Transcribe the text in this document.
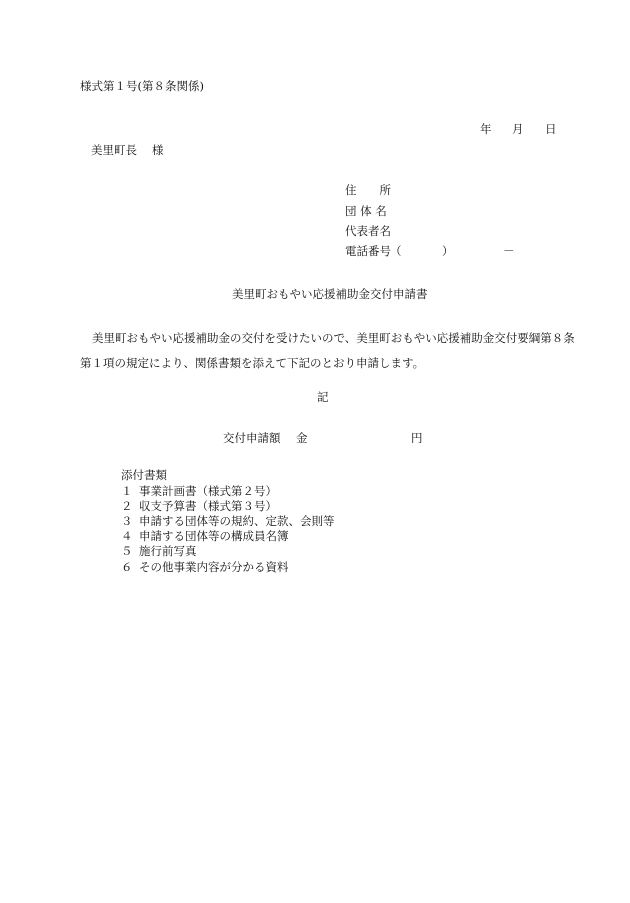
様式第１号(第８条関係)
年 月 日
美里町長 様
住　　所
団 体 名
代表者名
電話番号 （	）	－
美里町おもやい応援補助金交付申請書
美里町おもやい応援補助金の交付を受けたいので、美里町おもやい応援補助金交付要綱第８条第１項の規定により、関係書類を添えて下記のとおり申請します。
記
交付申請額 金	円
添付書類
１ 事業計画書（様式第２号）
２ 収支予算書（様式第３号）
３ 申請する団体等の規約、定款、会則等
４ 申請する団体等の構成員名簿
５ 施行前写真
６ その他事業内容が分かる資料
